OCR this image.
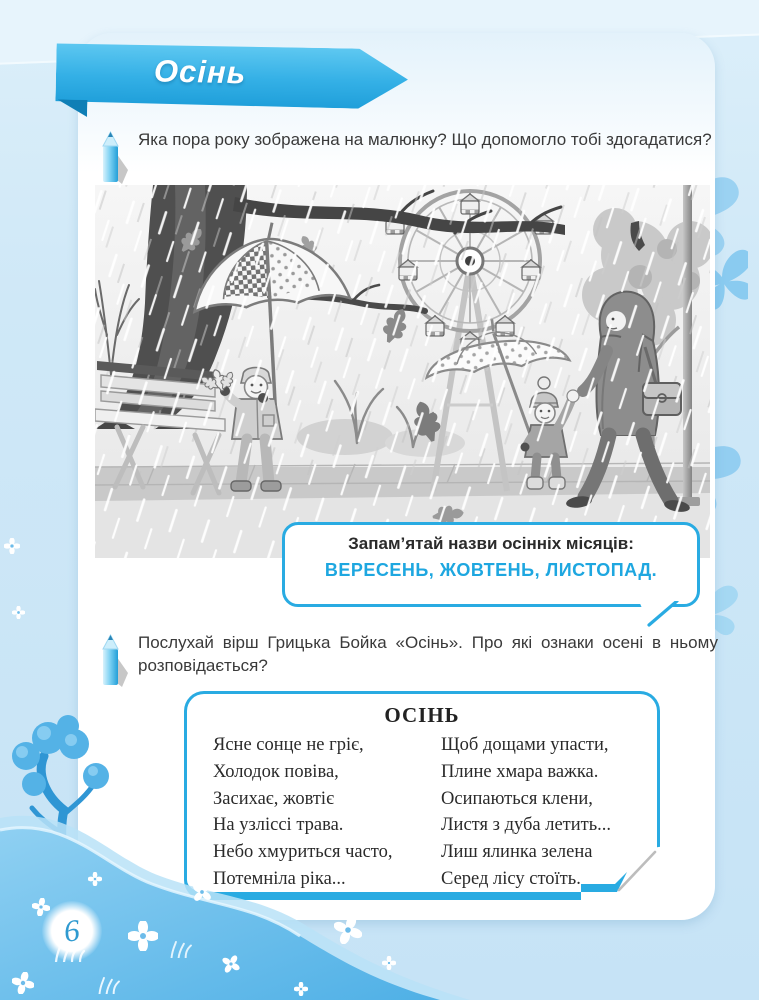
Осінь
Яка пора року зображена на малюнку? Що допомогло тобі здогадатися?
Запам’ятай назви осінніх місяців:
ВЕРЕСЕНЬ, ЖОВТЕНЬ, ЛИСТОПАД.
Послухай вірш Грицька Бойка «Осінь». Про які ознаки осені в ньому розповідається?
ОСІНЬ
Ясне сонце не гріє,
Холодок повіва,
Засихає, жовтіє
На узліссі трава.
Небо хмуриться часто,
Потемніла ріка...
Щоб дощами упасти,
Плине хмара важка.
Осипаються клени,
Листя з дуба летить...
Лиш ялинка зелена
Серед лісу стоїть.
6
